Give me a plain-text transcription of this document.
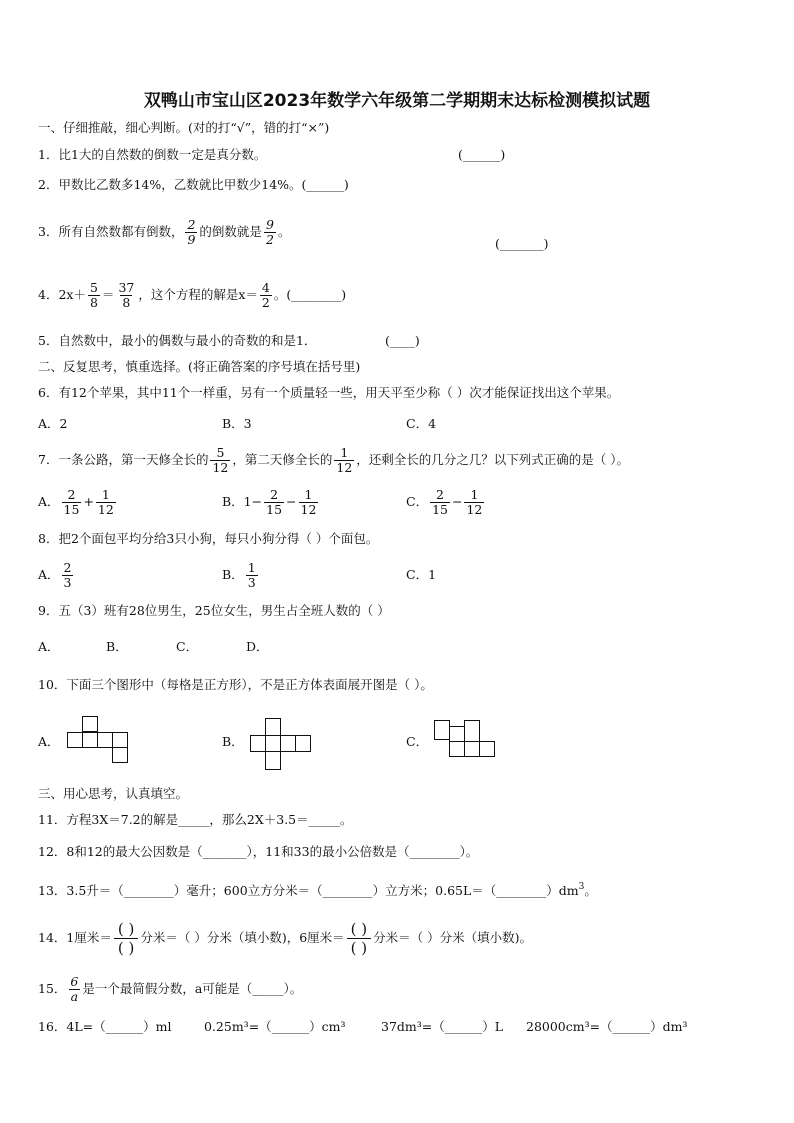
双鸭山市宝山区2023年数学六年级第二学期期末达标检测模拟试题
一、仔细推敲，细心判断。(对的打“√”，错的打“×”)
1．比1大的自然数的倒数一定是真分数。	(______)
2．甲数比乙数多14%，乙数就比甲数少14%。(______)
3．所有自然数都有倒数， $\frac{2}{9}$ 的倒数就是 $\frac{9}{2}$ 。
(_______)
4．$2x+ \frac{5}{8} = \frac{37}{8}$ ，这个方程的解是$x= \frac{4}{2}$ 。(________)
5．自然数中，最小的偶数与最小的奇数的和是1．	(____)
二、反复思考，慎重选择。(将正确答案的序号填在括号里)
6．有12个苹果，其中11个一样重，另有一个质量轻一些，用天平至少称（ ）次才能保证找出这个苹果。
A．2	B．3	C．4
7．一条公路，第一天修全长的 $\frac{5}{12}$ ，第二天修全长的 $\frac{1}{12}$ ，还剩全长的几分之几？以下列式正确的是（ ）。
A． $\frac{2}{15} + \frac{1}{12}$	B．$1- \frac{2}{15} - \frac{1}{12}$	C． $\frac{2}{15} - \frac{1}{12}$
8．把2个面包平均分给3只小狗，每只小狗分得（ ）个面包。
A． $\frac{2}{3}$	B． $\frac{1}{3}$	C．1
9．五（3）班有28位男生，25位女生，男生占全班人数的（ ）
A．	B．	C．	D．
10．下面三个图形中（每格是正方形），不是正方体表面展开图是（ ）。
A．	B．	C．
三、用心思考，认真填空。
11．方程3X＝7.2的解是_____，那么2X＋3.5＝_____。
12．8和12的最大公因数是（_______），11和33的最小公倍数是（________）。
13．3.5升＝（________）毫升；600立方分米＝（________）立方米；$0.65L=(\_\_\_\_\_\_\_\_)dm^3$。
14．1厘米＝ $\frac{( )}{( )}$ 分米＝（ ）分米（填小数)，6厘米＝ $\frac{( )}{( )}$ 分米＝（ ）分米（填小数)。
15． $\frac{6}{a}$ 是一个最简假分数，a可能是（_____）。
16．4L=（______）ml	0.25m³=（______）cm³	37dm³=（______）L 28000cm³=（______）dm³
